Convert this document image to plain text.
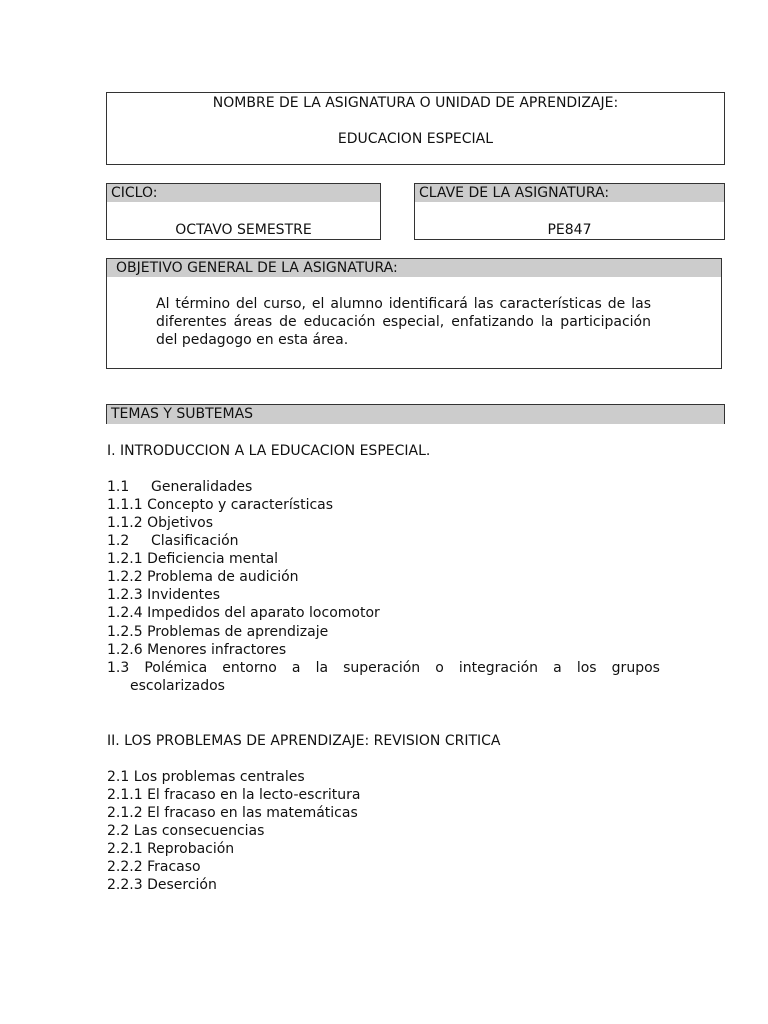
NOMBRE DE LA ASIGNATURA O UNIDAD DE APRENDIZAJE:
EDUCACION ESPECIAL
CICLO:
OCTAVO SEMESTRE
CLAVE DE LA ASIGNATURA:
PE847
OBJETIVO GENERAL DE LA ASIGNATURA:
Al término del curso, el alumno identificará las características de las diferentes áreas de educación especial, enfatizando la participación del pedagogo en esta área.
TEMAS Y SUBTEMAS
I. INTRODUCCION A LA EDUCACION ESPECIAL.
1.1 Generalidades
1.1.1 Concepto y características
1.1.2 Objetivos
1.2 Clasificación
1.2.1 Deficiencia mental
1.2.2 Problema de audición
1.2.3 Invidentes
1.2.4 Impedidos del aparato locomotor
1.2.5 Problemas de aprendizaje
1.2.6 Menores infractores
1.3 Polémica entorno a la superación o integración a los grupos
escolarizados
II. LOS PROBLEMAS DE APRENDIZAJE: REVISION CRITICA
2.1 Los problemas centrales
2.1.1 El fracaso en la lecto-escritura
2.1.2 El fracaso en las matemáticas
2.2 Las consecuencias
2.2.1 Reprobación
2.2.2 Fracaso
2.2.3 Deserción
